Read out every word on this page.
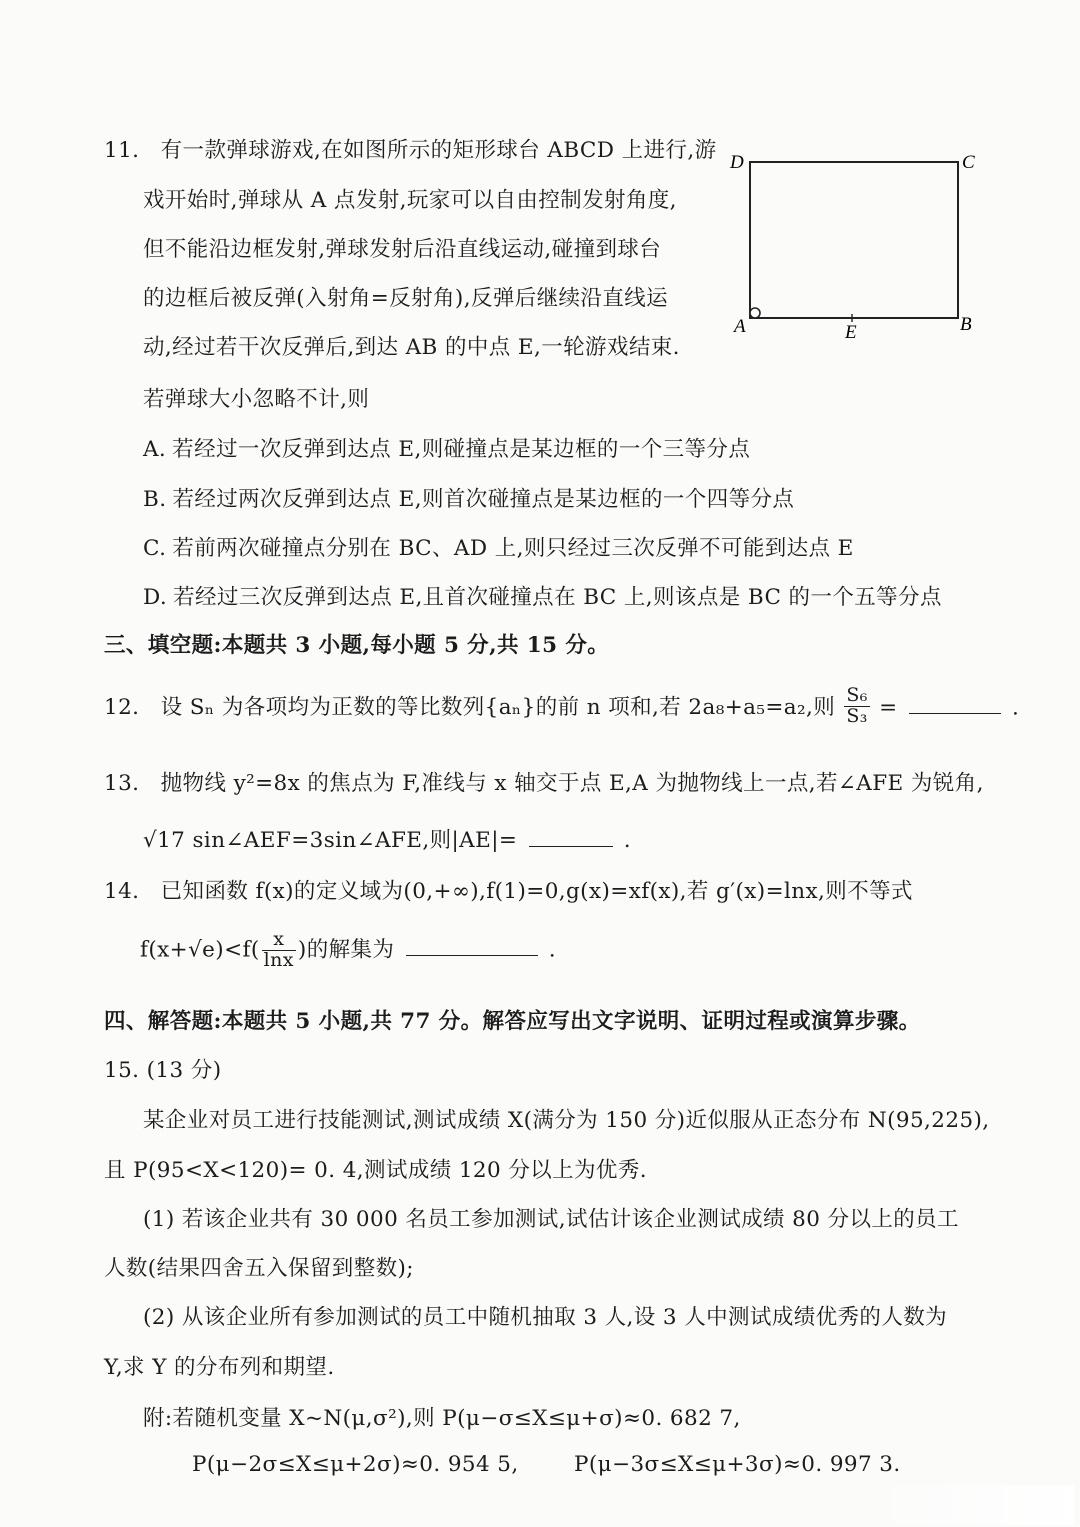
11. 有一款弹球游戏,在如图所示的矩形球台 ABCD 上进行,游
戏开始时,弹球从 A 点发射,玩家可以自由控制发射角度,
但不能沿边框发射,弹球发射后沿直线运动,碰撞到球台
的边框后被反弹(入射角=反射角),反弹后继续沿直线运
动,经过若干次反弹后,到达 AB 的中点 E,一轮游戏结束.
若弹球大小忽略不计,则
D	C
A	B
E
A. 若经过一次反弹到达点 E,则碰撞点是某边框的一个三等分点
B. 若经过两次反弹到达点 E,则首次碰撞点是某边框的一个四等分点
C. 若前两次碰撞点分别在 BC、AD 上,则只经过三次反弹不可能到达点 E
D. 若经过三次反弹到达点 E,且首次碰撞点在 BC 上,则该点是 BC 的一个五等分点
三、填空题:本题共 3 小题,每小题 5 分,共 15 分。
12. 设 Sₙ 为各项均为正数的等比数列{aₙ}的前 n 项和,若 2a₈+a₅=a₂,则 $\frac{\text{S₆}}{\text{S₃}}$ =	.
13. 抛物线 y²=8x 的焦点为 F,准线与 x 轴交于点 E,A 为抛物线上一点,若∠AFE 为锐角,
√17 sin∠AEF=3sin∠AFE,则|AE|=	.
14. 已知函数 f(x)的定义域为(0,+∞),f(1)=0,g(x)=xf(x),若 g′(x)=lnx,则不等式
$f(x+√e)<f( \frac{x}{\ln x}$ )的解集为	.
四、解答题:本题共 5 小题,共 77 分。解答应写出文字说明、证明过程或演算步骤。
15. (13 分)
某企业对员工进行技能测试,测试成绩 X(满分为 150 分)近似服从正态分布 N(95,225),
且 P(95<X<120)= 0. 4,测试成绩 120 分以上为优秀.
(1) 若该企业共有 30 000 名员工参加测试,试估计该企业测试成绩 80 分以上的员工
人数(结果四舍五入保留到整数);
(2) 从该企业所有参加测试的员工中随机抽取 3 人,设 3 人中测试成绩优秀的人数为
Y,求 Y 的分布列和期望.
附:若随机变量 X~N(μ,σ²),则 P(μ−σ≤X≤μ+σ)≈0. 682 7,
P(μ−2σ≤X≤μ+2σ)≈0. 954 5,	P(μ−3σ≤X≤μ+3σ)≈0. 997 3.
